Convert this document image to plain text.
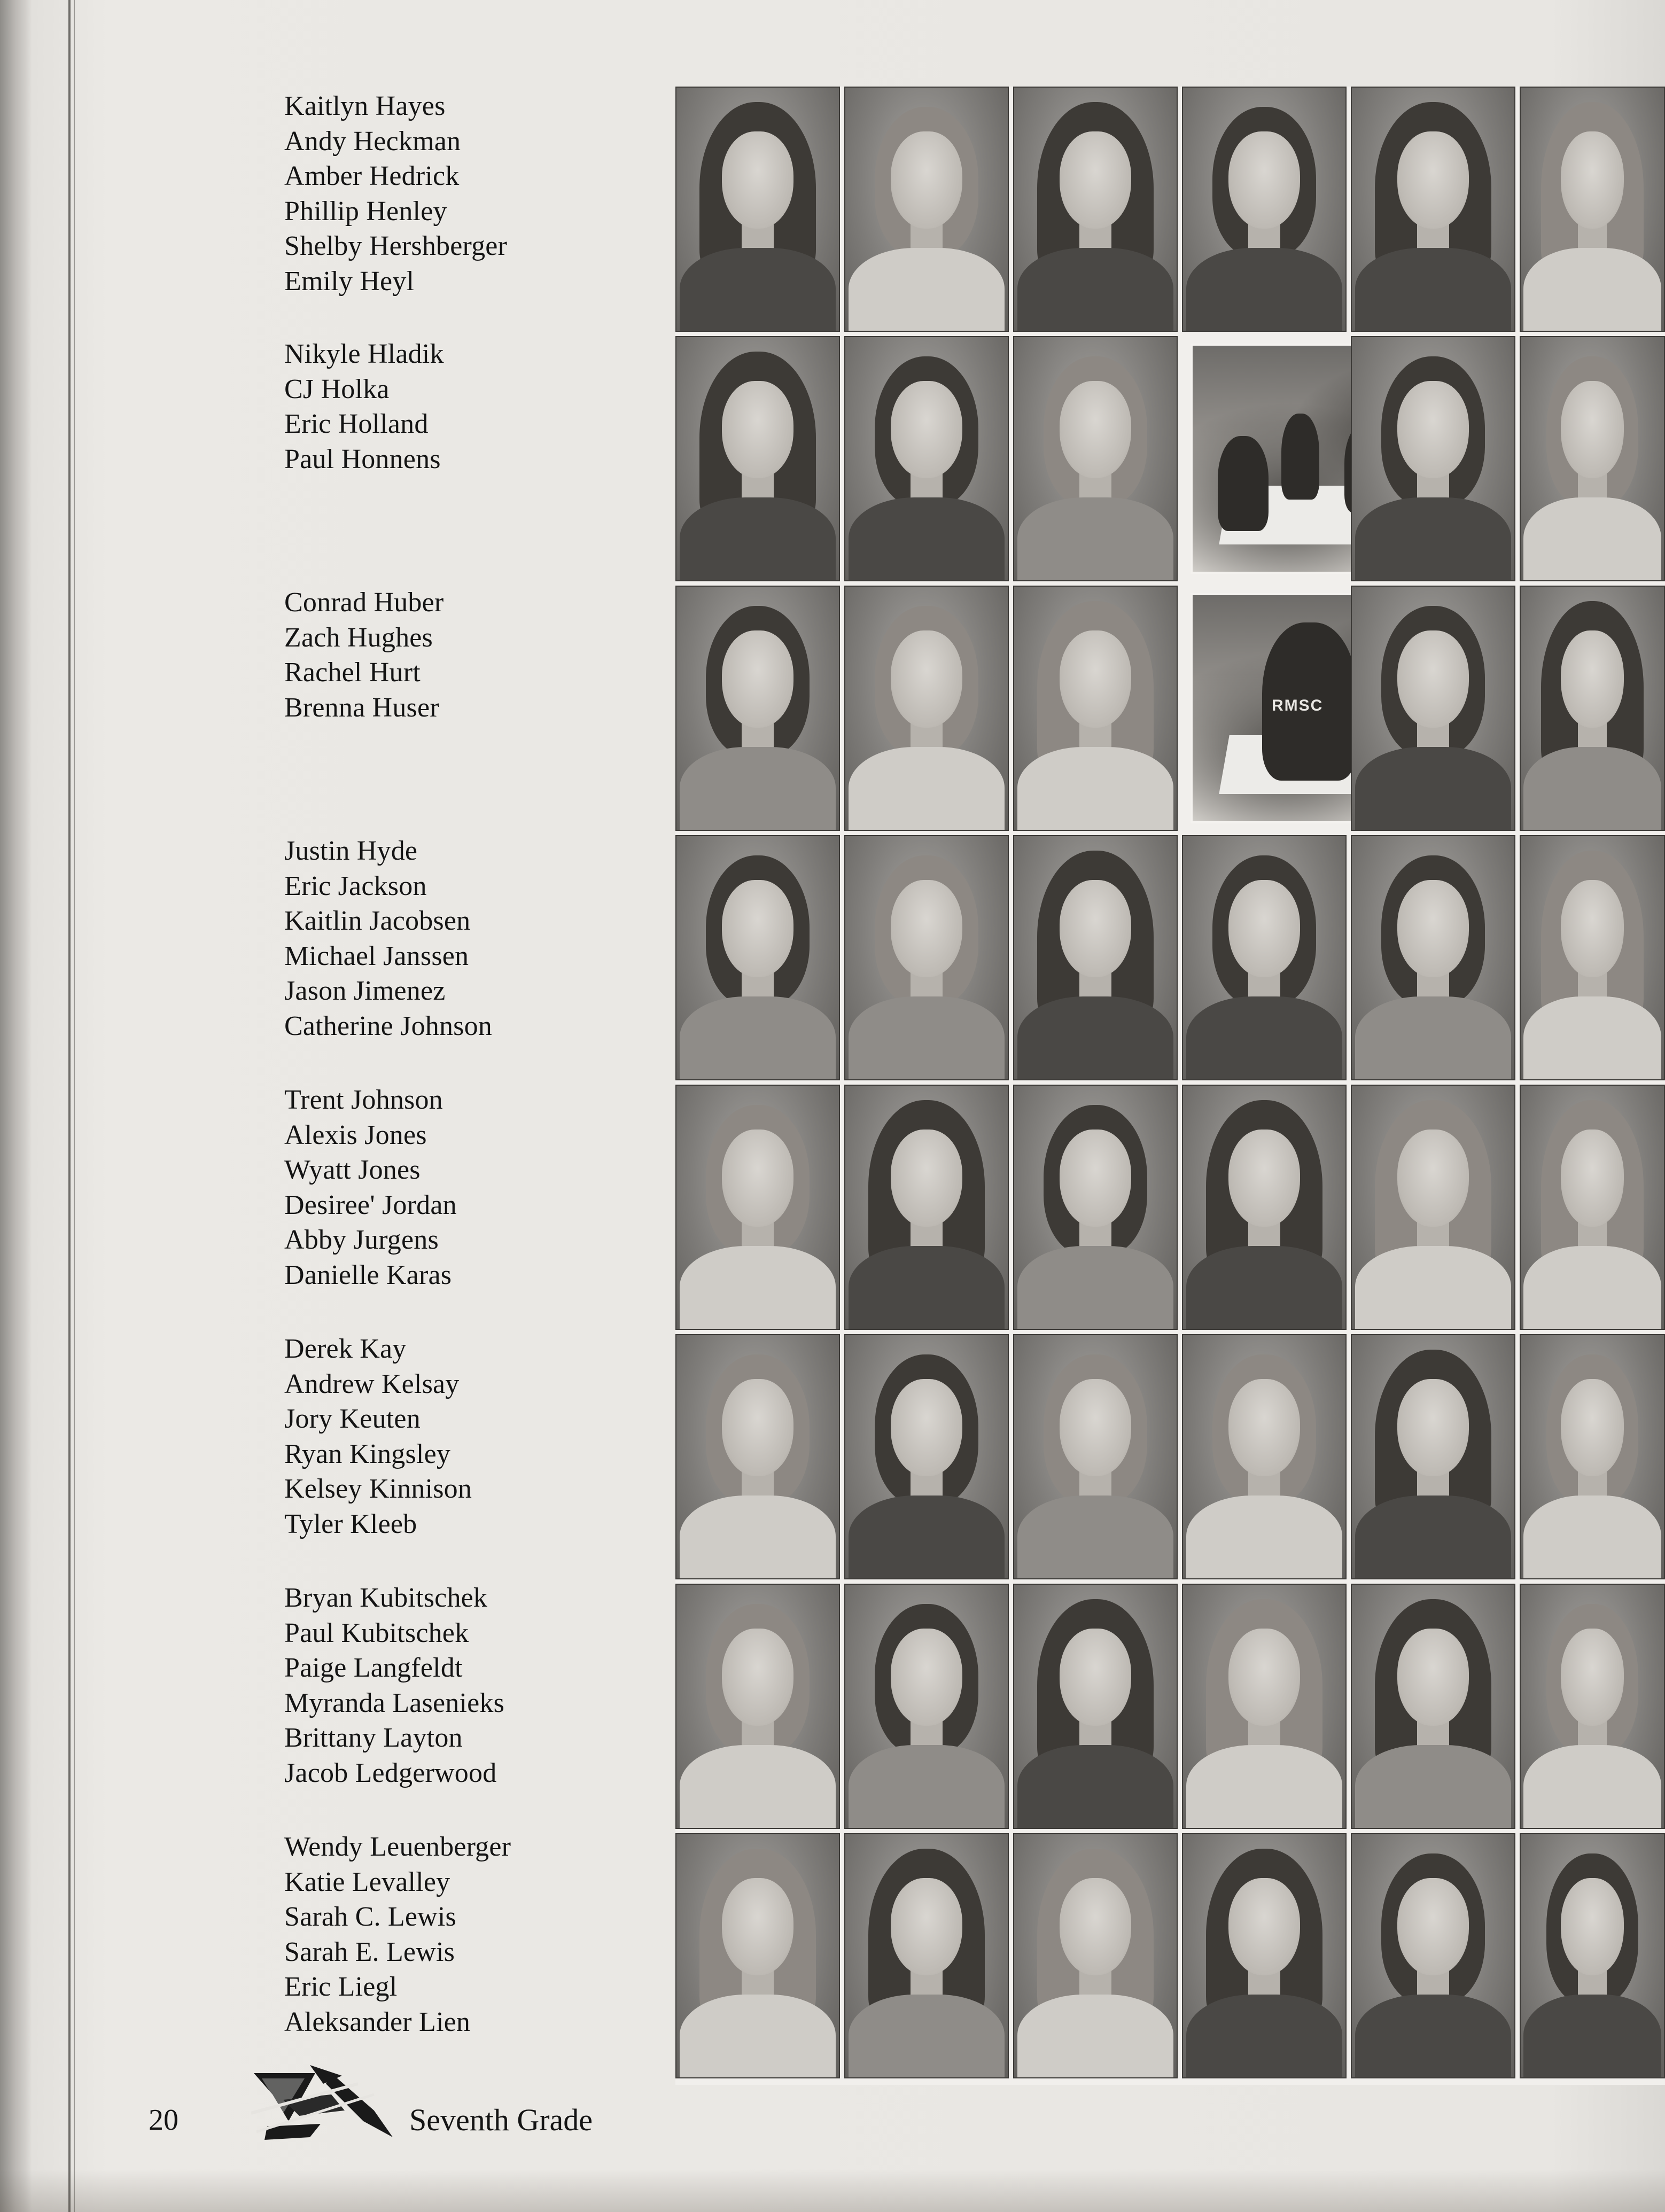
Kaitlyn Hayes
Andy Heckman
Amber Hedrick
Phillip Henley
Shelby Hershberger
Emily Heyl
Nikyle Hladik
CJ Holka
Eric Holland
Paul Honnens
Conrad Huber
Zach Hughes
Rachel Hurt
Brenna Huser
Justin Hyde
Eric Jackson
Kaitlin Jacobsen
Michael Janssen
Jason Jimenez
Catherine Johnson
Trent Johnson
Alexis Jones
Wyatt Jones
Desiree' Jordan
Abby Jurgens
Danielle Karas
Derek Kay
Andrew Kelsay
Jory Keuten
Ryan Kingsley
Kelsey Kinnison
Tyler Kleeb
Bryan Kubitschek
Paul Kubitschek
Paige Langfeldt
Myranda Lasenieks
Brittany Layton
Jacob Ledgerwood
Wendy Leuenberger
Katie Levalley
Sarah C. Lewis
Sarah E. Lewis
Eric Liegl
Aleksander Lien
RMSC
20	Seventh Grade
